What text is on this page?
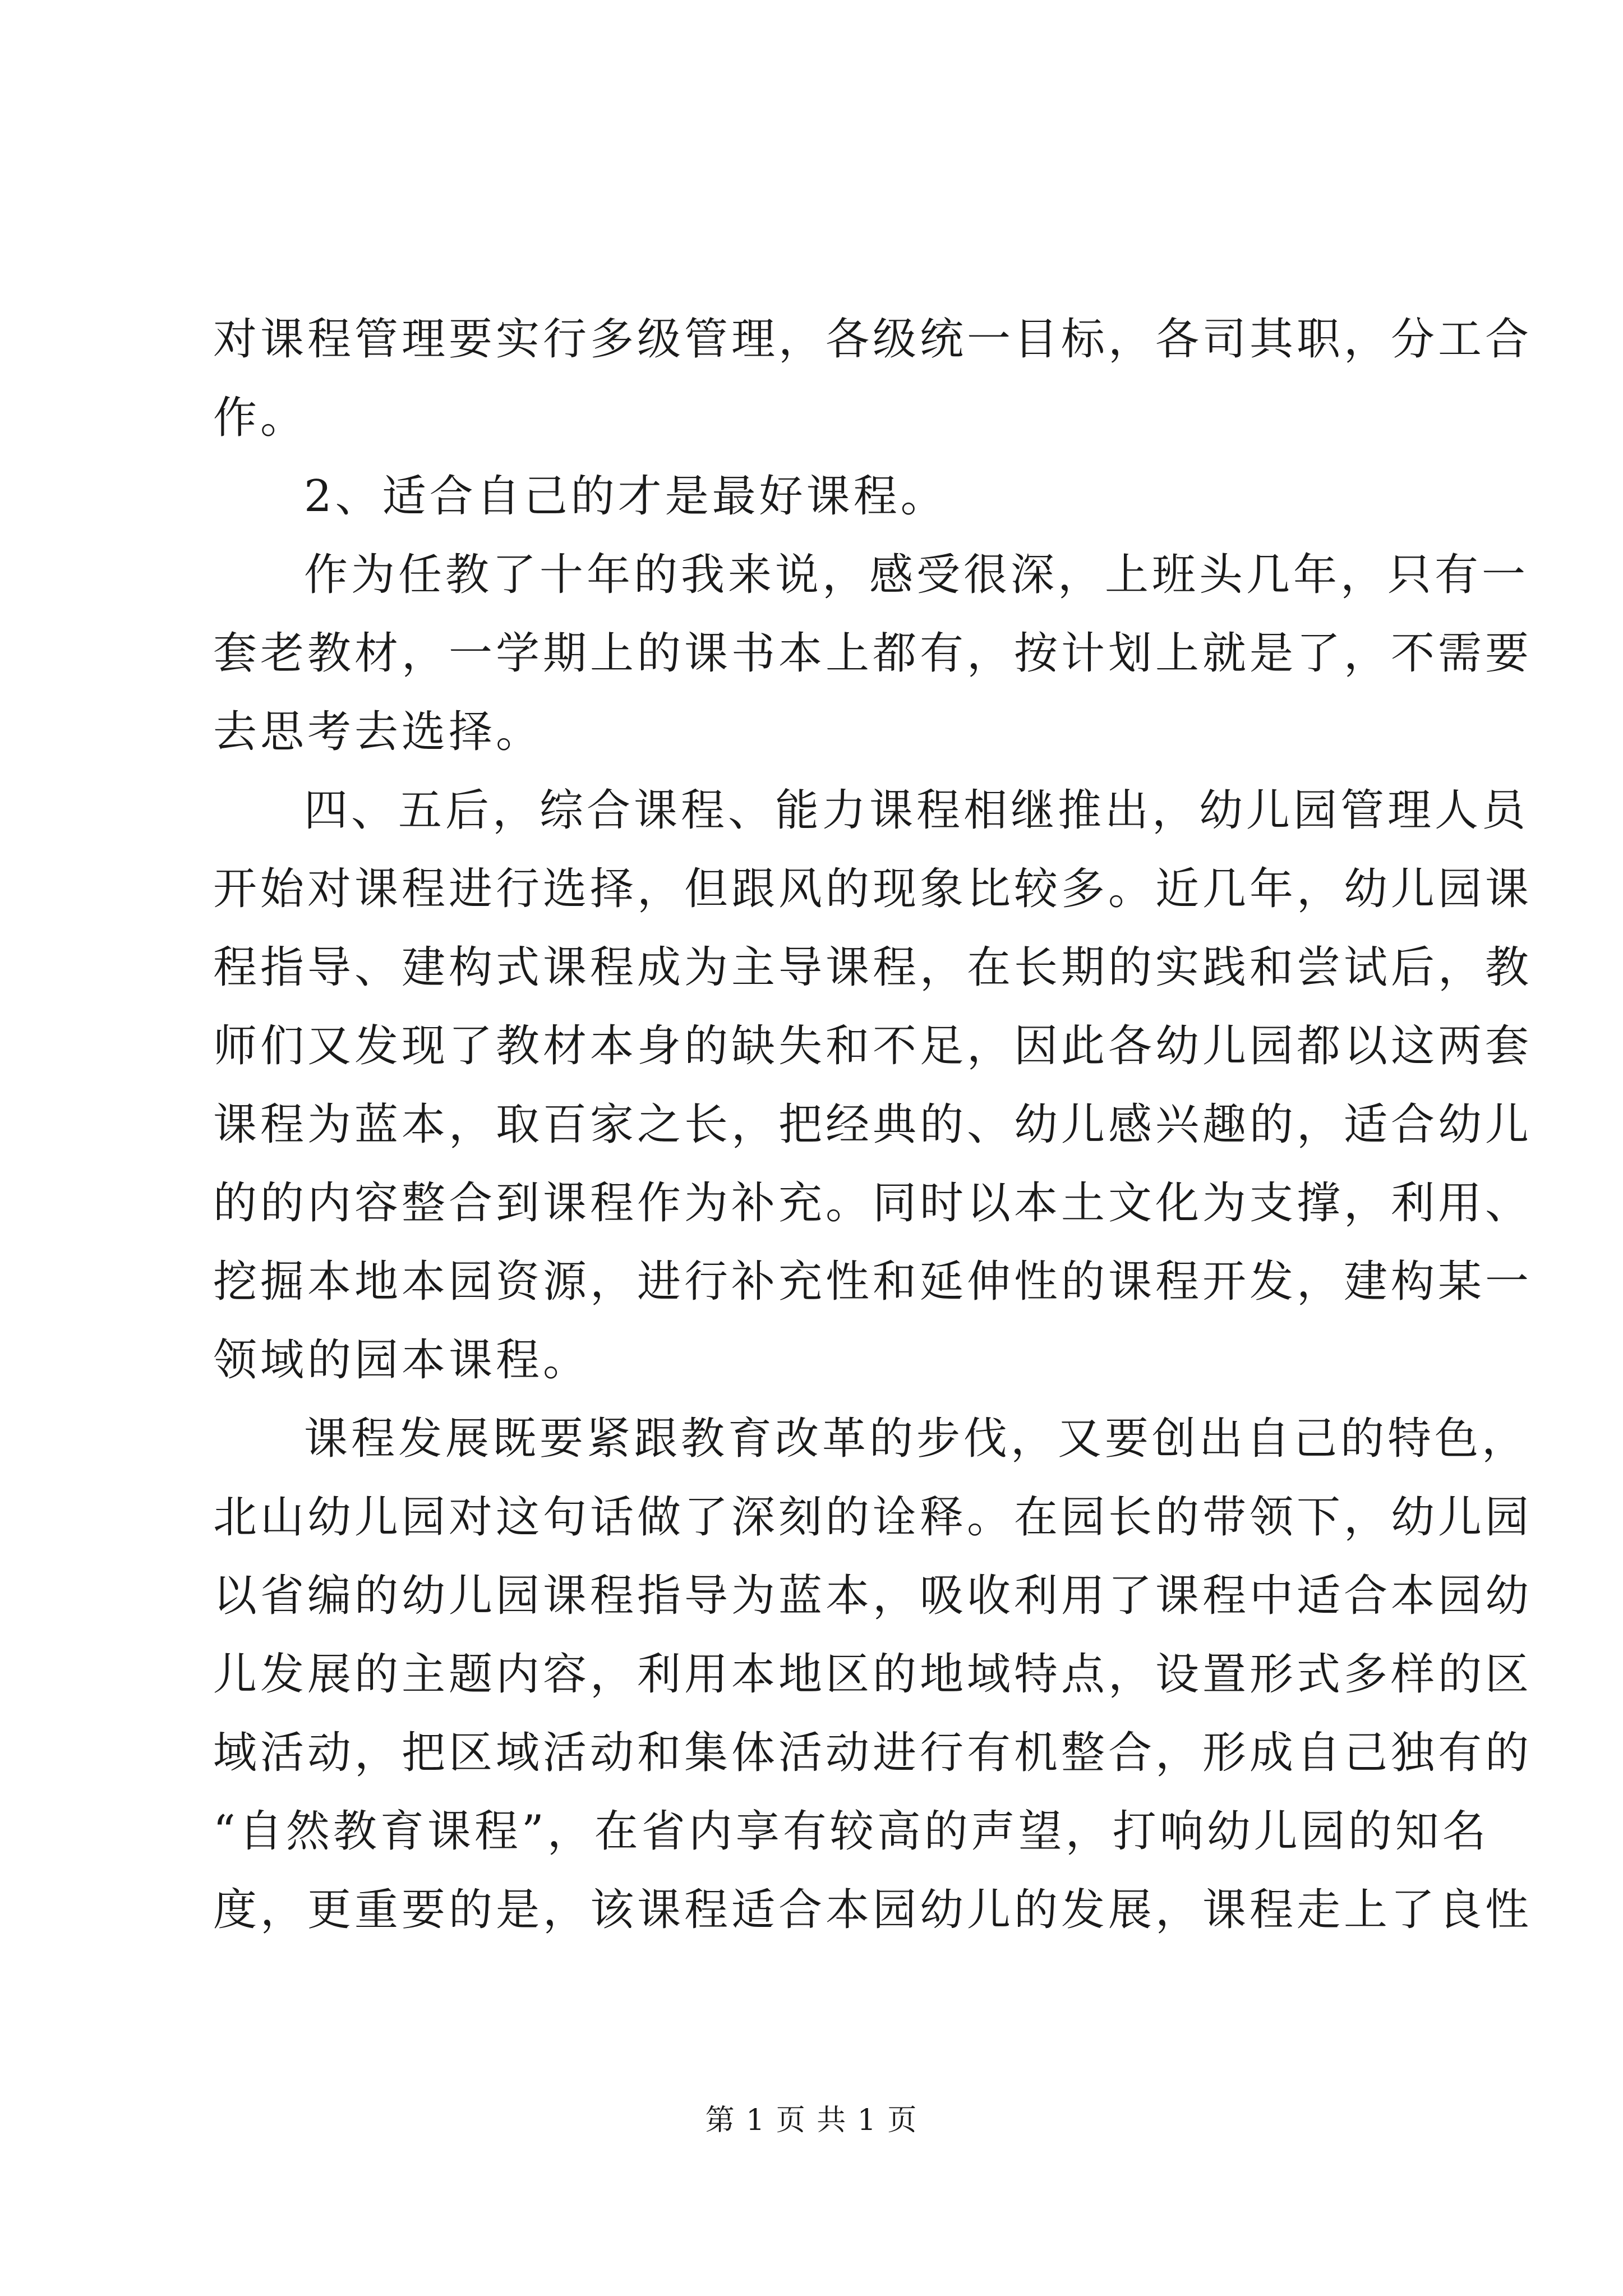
对课程管理要实行多级管理，各级统一目标，各司其职，分工合
作。
2、适合自己的才是最好课程。
作为任教了十年的我来说，感受很深，上班头几年，只有一
套老教材，一学期上的课书本上都有，按计划上就是了，不需要
去思考去选择。
四、五后，综合课程、能力课程相继推出，幼儿园管理人员
开始对课程进行选择，但跟风的现象比较多。近几年，幼儿园课
程指导、建构式课程成为主导课程，在长期的实践和尝试后，教
师们又发现了教材本身的缺失和不足，因此各幼儿园都以这两套
课程为蓝本，取百家之长，把经典的、幼儿感兴趣的，适合幼儿
的的内容整合到课程作为补充。同时以本土文化为支撑，利用、
挖掘本地本园资源，进行补充性和延伸性的课程开发，建构某一
领域的园本课程。
课程发展既要紧跟教育改革的步伐，又要创出自己的特色，
北山幼儿园对这句话做了深刻的诠释。在园长的带领下，幼儿园
以省编的幼儿园课程指导为蓝本，吸收利用了课程中适合本园幼
儿发展的主题内容，利用本地区的地域特点，设置形式多样的区
域活动，把区域活动和集体活动进行有机整合，形成自己独有的
“自然教育课程”，在省内享有较高的声望，打响幼儿园的知名
度，更重要的是，该课程适合本园幼儿的发展，课程走上了良性
第 1 页 共 1 页
